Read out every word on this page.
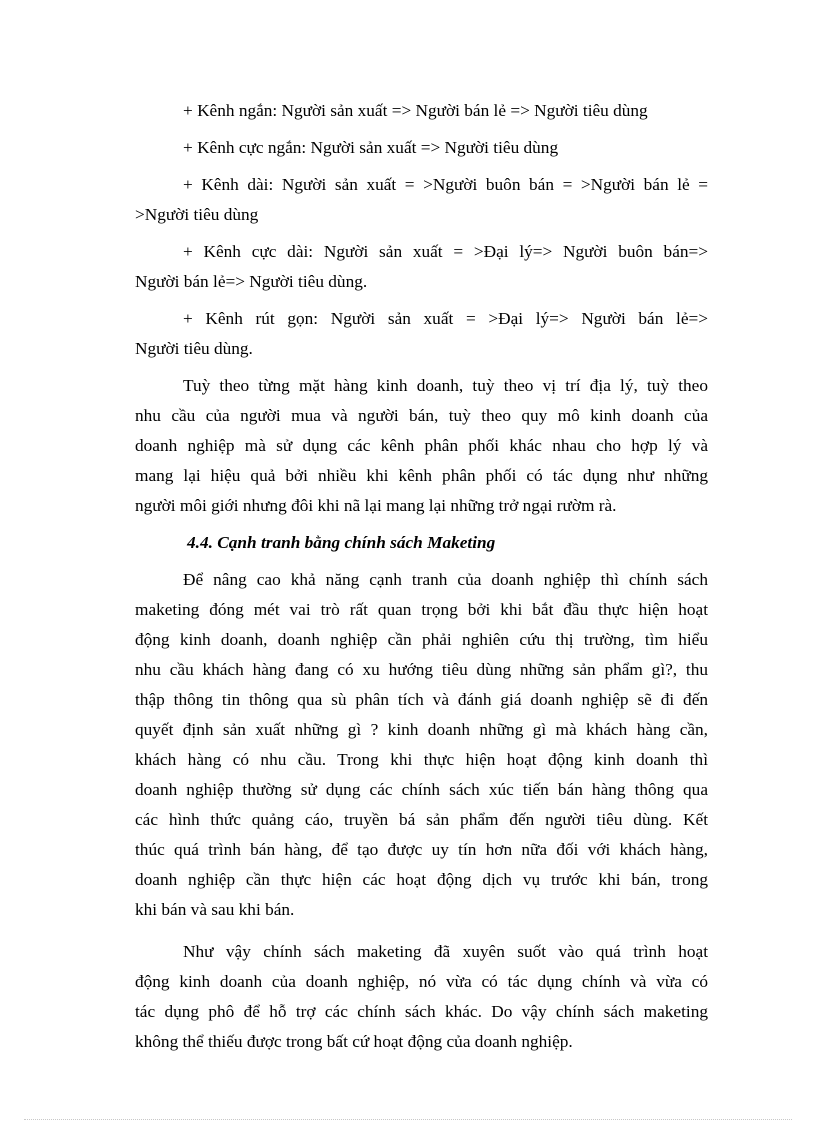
+ Kênh ngắn: Người sản xuất => Người bán lẻ => Người tiêu dùng

+ Kênh cực ngắn: Người sản xuất => Người tiêu dùng

+ Kênh dài: Người sản xuất = >Người buôn bán = >Người bán lẻ =

>Người tiêu dùng

+ Kênh cực dài: Người sản xuất = >Đại lý=> Người buôn bán=>

Người bán lẻ=> Người tiêu dùng.

+ Kênh rút gọn: Người sản xuất = >Đại lý=> Người bán lẻ=>

Người tiêu dùng.

Tuỳ theo từng mặt hàng kinh doanh, tuỳ theo vị trí địa lý, tuỳ theo

nhu cầu của người mua và người bán, tuỳ theo quy mô kinh doanh của

doanh nghiệp mà sử dụng các kênh phân phối khác nhau cho hợp lý và

mang lại hiệu quả bởi nhiều khi kênh phân phối có tác dụng như những

người môi giới nhưng đôi khi nã lại mang lại những trở ngại rườm rà.

4.4. Cạnh tranh bằng chính sách Maketing

Để nâng cao khả năng cạnh tranh của doanh nghiệp thì chính sách

maketing đóng mét vai trò rất quan trọng bởi khi bắt đầu thực hiện hoạt

động kinh doanh, doanh nghiệp cần phải nghiên cứu thị trường, tìm hiểu

nhu cầu khách hàng đang có xu hướng tiêu dùng những sản phẩm gì?, thu

thập thông tin thông qua sù phân tích và đánh giá doanh nghiệp sẽ đi đến

quyết định sản xuất những gì ? kinh doanh những gì mà khách hàng cần,

khách hàng có nhu cầu. Trong khi thực hiện hoạt động kinh doanh thì

doanh nghiệp thường sử dụng các chính sách xúc tiến bán hàng thông qua

các hình thức quảng cáo, truyền bá sản phẩm đến người tiêu dùng. Kết

thúc quá trình bán hàng, để tạo được uy tín hơn nữa đối với khách hàng,

doanh nghiệp cần thực hiện các hoạt động dịch vụ trước khi bán, trong

khi bán và sau khi bán.

Như vậy chính sách maketing đã xuyên suốt vào quá trình hoạt

động kinh doanh của doanh nghiệp, nó vừa có tác dụng chính và vừa có

tác dụng phô để hỗ trợ các chính sách khác. Do vậy chính sách maketing

không thể thiếu được trong bất cứ hoạt động của doanh nghiệp.
